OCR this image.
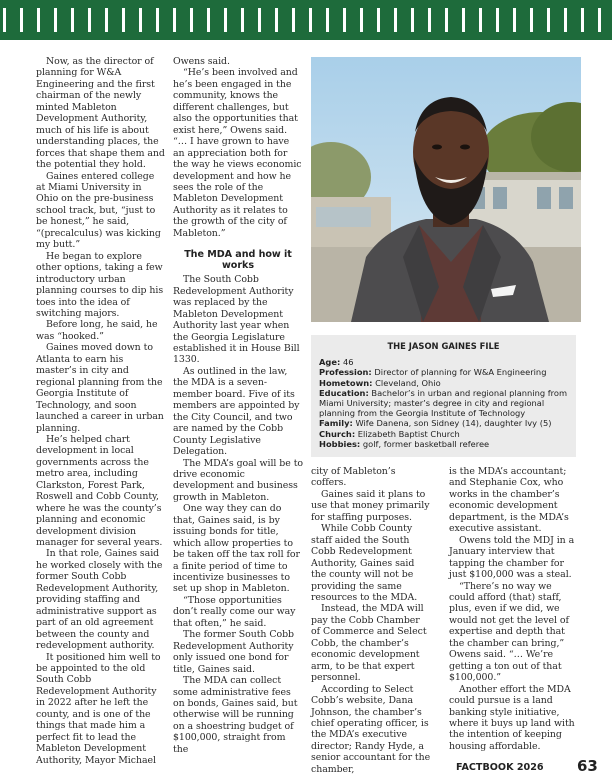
Now, as the director of planning for W&A Engineering and the first chairman of the newly minted Mableton Development Authority, much of his life is about understanding places, the forces that shape them and the potential they hold.

Gaines entered college at Miami University in Ohio on the pre-business school track, but, “just to be honest,” he said, “(precalculus) was kicking my butt.”

He began to explore other options, taking a few introductory urban planning courses to dip his toes into the idea of switching majors.

Before long, he said, he was “hooked.”

Gaines moved down to Atlanta to earn his master’s in city and regional planning from the Georgia Institute of Technology, and soon launched a career in urban planning.

He’s helped chart development in local governments across the metro area, including Clarkston, Forest Park, Roswell and Cobb County, where he was the county’s planning and economic development division manager for several years.

In that role, Gaines said he worked closely with the former South Cobb Redevelopment Authority, providing staffing and administrative support as part of an old agreement between the county and redevelopment authority.

It positioned him well to be appointed to the old South Cobb Redevelopment Authority in 2022 after he left the county, and is one of the things that made him a perfect fit to lead the Mableton Development Authority, Mayor Michael

Owens said.

“He’s been involved and he’s been engaged in the community, knows the different challenges, but also the opportunities that exist here,” Owens said.

“… I have grown to have an appreciation both for the way he views economic development and how he sees the role of the Mableton Development Authority as it relates to the growth of the city of Mableton.”

The MDA and how it works

The South Cobb Redevelopment Authority was replaced by the Mableton Development Authority last year when the Georgia Legislature established it in House Bill 1330.

As outlined in the law, the MDA is a seven-member board. Five of its members are appointed by the City Council, and two are named by the Cobb County Legislative Delegation.

The MDA’s goal will be to drive economic development and business growth in Mableton.

One way they can do that, Gaines said, is by issuing bonds for title, which allow properties to be taken off the tax roll for a finite period of time to incentivize businesses to set up shop in Mableton.

“Those opportunities don’t really come our way that often,” he said.

The former South Cobb Redevelopment Authority only issued one bond for title, Gaines said.

The MDA can collect some administrative fees on bonds, Gaines said, but otherwise will be running on a shoestring budget of $100,000, straight from the

THE JASON GAINES FILE
Age: 46
Profession: Director of planning for W&A Engineering
Hometown: Cleveland, Ohio
Education: Bachelor’s in urban and regional planning from Miami University; master’s degree in city and regional planning from the Georgia Institute of Technology
Family: Wife Danena, son Sidney (14), daughter Ivy (5)
Church: Elizabeth Baptist Church
Hobbies: golf, former basketball referee

city of Mableton’s coffers.

Gaines said it plans to use that money primarily for staffing purposes.

While Cobb County staff aided the South Cobb Redevelopment Authority, Gaines said the county will not be providing the same resources to the MDA.

Instead, the MDA will pay the Cobb Chamber of Commerce and Select Cobb, the chamber’s economic development arm, to be that expert personnel.

According to Select Cobb’s website, Dana Johnson, the chamber’s chief operating officer, is the MDA’s executive director; Randy Hyde, a senior accountant for the chamber,

is the MDA’s accountant; and Stephanie Cox, who works in the chamber’s economic development department, is the MDA’s executive assistant.

Owens told the MDJ in a January interview that tapping the chamber for just $100,000 was a steal.

“There’s no way we could afford (that) staff, plus, even if we did, we would not get the level of expertise and depth that the chamber can bring,” Owens said. “… We’re getting a ton out of that $100,000.”

Another effort the MDA could pursue is a land banking style initiative, where it buys up land with the intention of keeping housing affordable.

FACTBOOK 2026 63
